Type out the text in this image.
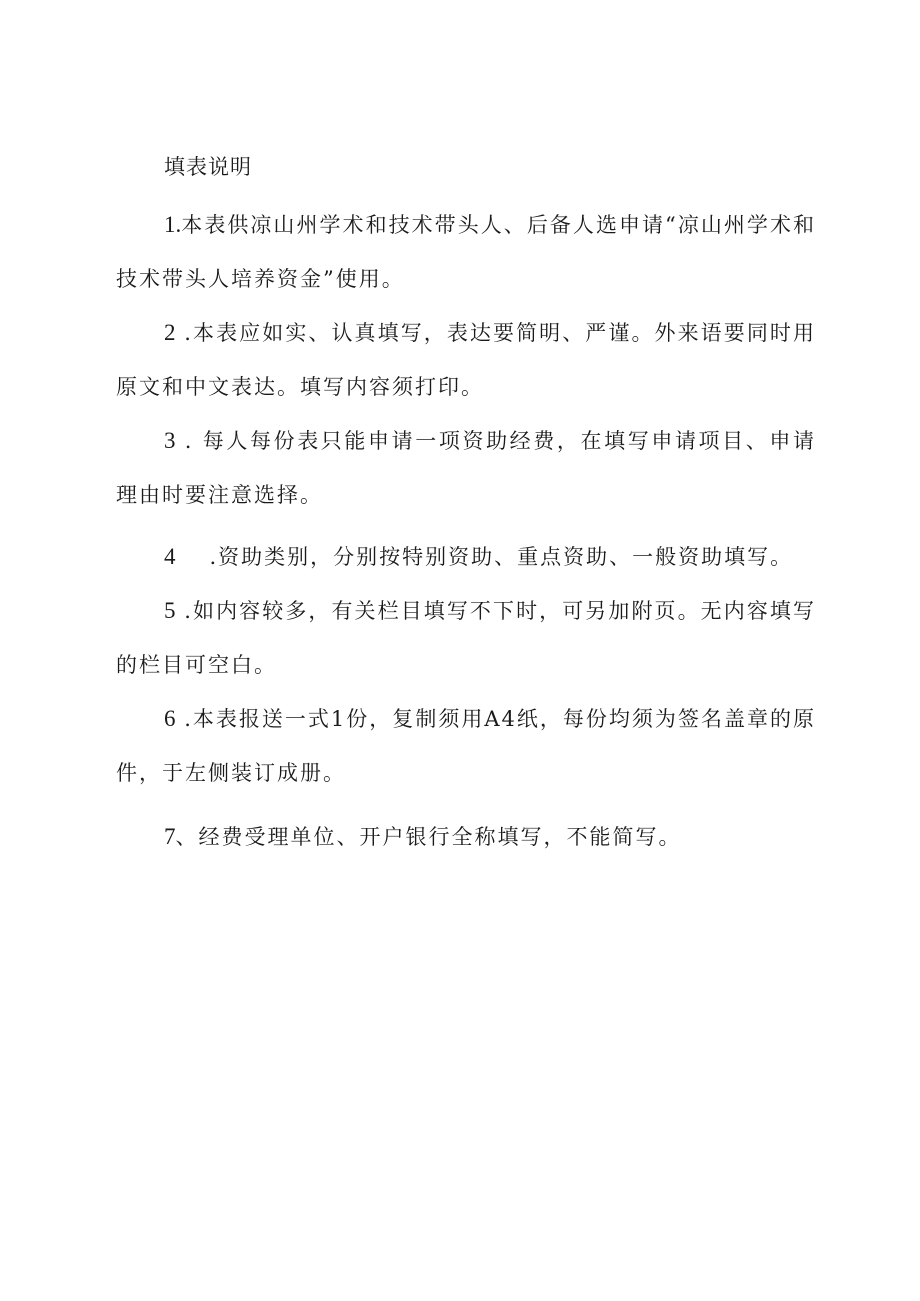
填表说明

1.本表供凉山州学术和技术带头人、后备人选申请“凉山州学术和技术带头人培养资金”使用。

2 .本表应如实、认真填写，表达要简明、严谨。外来语要同时用原文和中文表达。填写内容须打印。

3 . 每人每份表只能申请一项资助经费，在填写申请项目、申请理由时要注意选择。

4 .资助类别，分别按特别资助、重点资助、一般资助填写。

5 .如内容较多，有关栏目填写不下时，可另加附页。无内容填写的栏目可空白。

6 .本表报送一式1份，复制须用A4纸，每份均须为签名盖章的原件，于左侧装订成册。

7、经费受理单位、开户银行全称填写，不能简写。
